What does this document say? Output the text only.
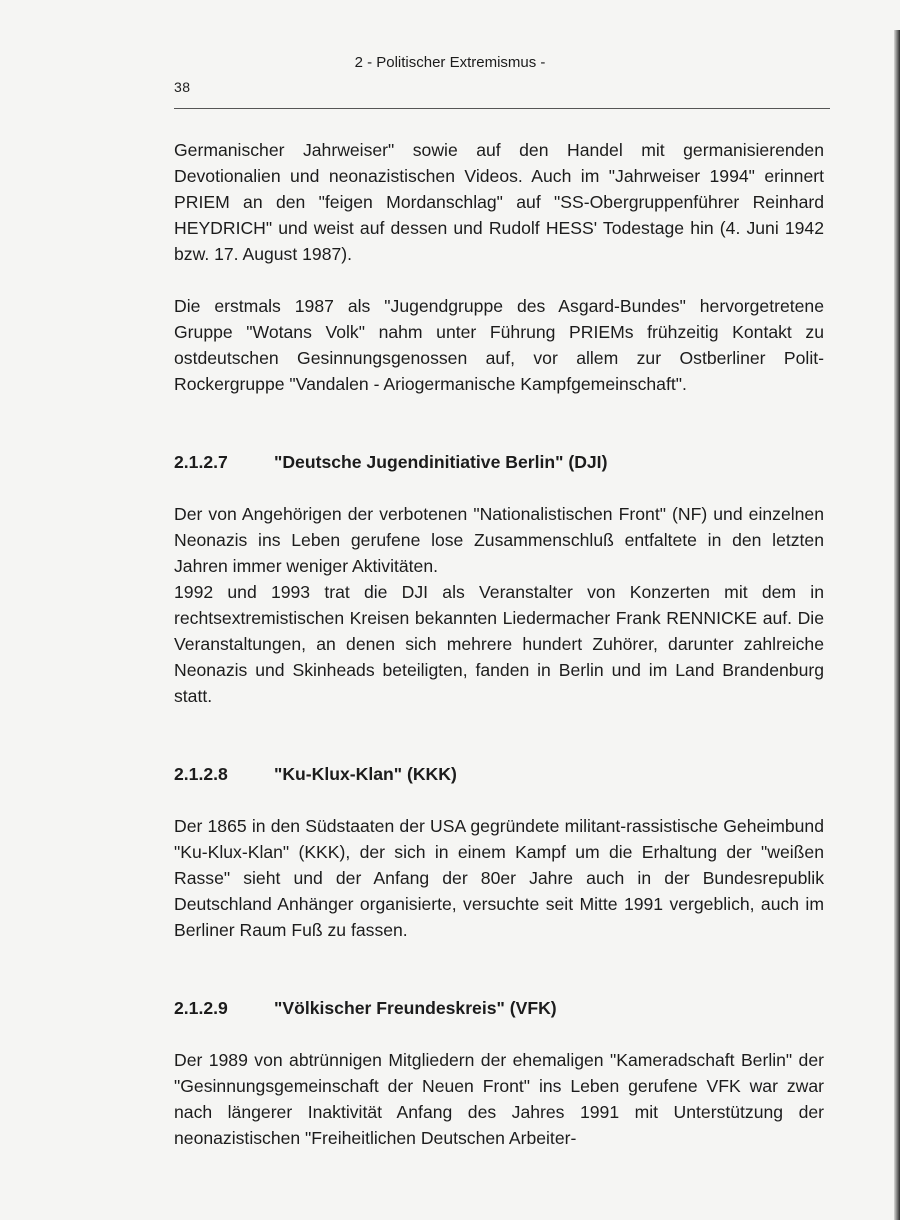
2 - Politischer Extremismus -
38

Germanischer Jahrweiser" sowie auf den Handel mit germanisierenden Devotionalien und neonazistischen Videos. Auch im "Jahrweiser 1994" erinnert PRIEM an den "feigen Mordanschlag" auf "SS-Obergruppenführer Reinhard HEYDRICH" und weist auf dessen und Rudolf HESS' Todestage hin (4. Juni 1942 bzw. 17. August 1987).

Die erstmals 1987 als "Jugendgruppe des Asgard-Bundes" hervorgetretene Gruppe "Wotans Volk" nahm unter Führung PRIEMs frühzeitig Kontakt zu ostdeutschen Gesinnungsgenossen auf, vor allem zur Ostberliner Polit-Rockergruppe "Vandalen - Ariogermanische Kampfgemeinschaft".

2.1.2.7	"Deutsche Jugendinitiative Berlin" (DJI)

Der von Angehörigen der verbotenen "Nationalistischen Front" (NF) und einzelnen Neonazis ins Leben gerufene lose Zusammenschluß entfaltete in den letzten Jahren immer weniger Aktivitäten.

1992 und 1993 trat die DJI als Veranstalter von Konzerten mit dem in rechtsextremistischen Kreisen bekannten Liedermacher Frank RENNICKE auf. Die Veranstaltungen, an denen sich mehrere hundert Zuhörer, darunter zahlreiche Neonazis und Skinheads beteiligten, fanden in Berlin und im Land Brandenburg statt.

2.1.2.8	"Ku-Klux-Klan" (KKK)

Der 1865 in den Südstaaten der USA gegründete militant-rassistische Geheimbund "Ku-Klux-Klan" (KKK), der sich in einem Kampf um die Erhaltung der "weißen Rasse" sieht und der Anfang der 80er Jahre auch in der Bundesrepublik Deutschland Anhänger organisierte, versuchte seit Mitte 1991 vergeblich, auch im Berliner Raum Fuß zu fassen.

2.1.2.9	"Völkischer Freundeskreis" (VFK)

Der 1989 von abtrünnigen Mitgliedern der ehemaligen "Kameradschaft Berlin" der "Gesinnungsgemeinschaft der Neuen Front" ins Leben gerufene VFK war zwar nach längerer Inaktivität Anfang des Jahres 1991 mit Unterstützung der neonazistischen "Freiheitlichen Deutschen Arbeiter-
